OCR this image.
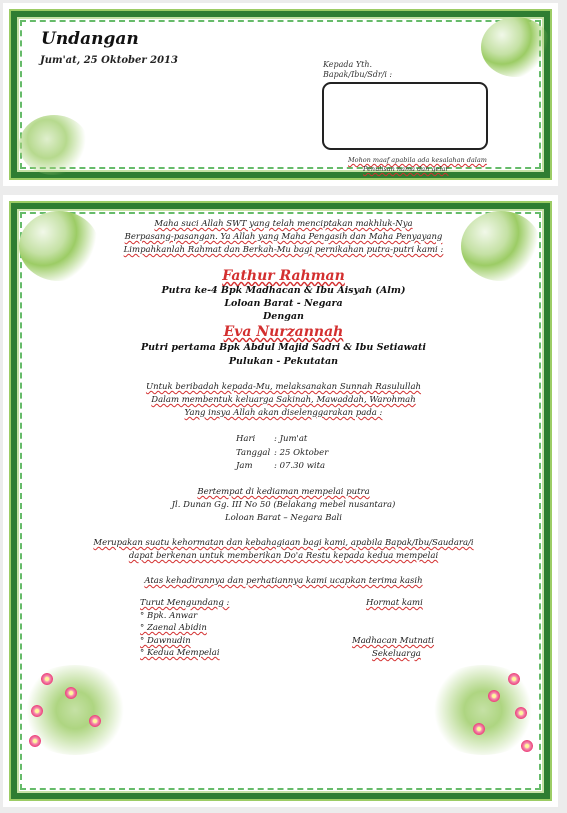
Undangan
Jum'at, 25 Oktober 2013	Kepada Yth.
Bapak/Ibu/Sdr/i :
Mohon maaf apabila ada kesalahan dalam
Penulisan nama dan gelar
Maha suci Allah SWT yang telah menciptakan makhluk-Nya
Berpasang-pasangan. Ya Allah yang Maha Pengasih dan Maha Penyayang
Limpahkanlah Rahmat dan Berkah-Mu bagi pernikahan putra-putri kami :
Fathur Rahman
Putra ke-4 Bpk Madhacan & Ibu Aisyah (Alm)
Loloan Barat - Negara
Dengan
Eva Nurzannah
Putri pertama Bpk Abdul Majid Sadri & Ibu Setiawati
Pulukan - Pekutatan
Untuk beribadah kepada-Mu, melaksanakan Sunnah Rasulullah
Dalam membentuk keluarga Sakinah, Mawaddah, Warohmah
Yang insya Allah akan diselenggarakan pada :
Hari : Jum'at
Tanggal : 25 Oktober
Jam	: 07.30 wita
Bertempat di kediaman mempelai putra
Jl. Dunan Gg. III No 50 (Belakang mebel nusantara)
Loloan Barat – Negara Bali
Merupakan suatu kehormatan dan kebahagiaan bagi kami, apabila Bapak/Ibu/Saudara/i
dapat berkenan untuk memberikan Do'a Restu kepada kedua mempelai
Atas kehadirannya dan perhatiannya kami ucapkan terima kasih
Turut Mengundang :
° Bpk. Anwar
° Zaenal Abidin
° Dawnudin
° Kedua Mempelai
Hormat kami
Madhacan Mutnati
Sekeluarga
